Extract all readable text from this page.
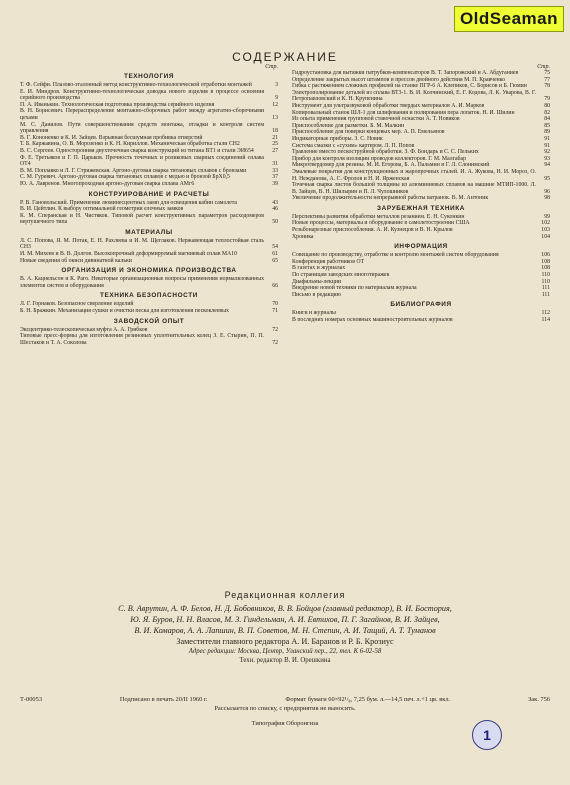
OldSeaman
СОДЕРЖАНИЕ
Стр.
ТЕХНОЛОГИЯ
Т. Ф. Сейфи. Плазово-эталонный метод конструктивно-технологической отработки монтажей	3
Е. И. Миндров. Конструктивно-технологическая доводка нового изделия в процессе освоения серийного производства	9
П. А. Иванькин. Технологическая подготовка производства серийного изделия	12
В. Н. Борисевич. Перераспределение монтажно-сборочных работ между агрегатно-сборочными цехами	13
М. С. Данилов. Пути совершенствования средств монтажа, отладки и контроля систем управления	18
В. Г. Кононенко и К. И. Зайцев. Взрывная бесшумная пробивка отверстий	21
Т. Б. Каржавина, О. В. Морозенко и К. Н. Кириллов. Механическая обработка стали СН2	25
В. С. Сергеев. Односторонняя двухточечная сварка конструкций из титана ВТ1 и стали ЭИ654	27
Ф. Е. Третьяков и Г. П. Царьков. Прочность точечных и роликовых сварных соединений сплава ОТ4	31
В. М. Поплавко и Л. Г. Стрижевская. Аргоно-дуговая сварка титановых сплавов с бронзами	33
С. М. Гуревич. Аргоно-дуговая сварка титановых сплавов с медью и бронзой БрХ0,5	37
Ю. А. Лавренов. Многопроходная аргоно-дуговая сварка сплава АМг6	39
КОНСТРУИРОВАНИЕ И РАСЧЕТЫ
Р. В. Гановольский. Применение люминесцентных ламп для освещения кабин самолета	43
В. И. Цейтлин. К выбору оптимальной геометрии елочных замков	46
К. М. Сперанская и Н. Чистяков. Типовой расчет конструктивных параметров расходомеров вертушечного типа	50
МАТЕРИАЛЫ
Л. С. Попова, Я. М. Потак, Е. Н. Рахлеева и И. М. Щеглаков. Нержавеющая теплостойкая сталь СН3	54
И. М. Михеев и В. В. Долгов. Высокопрочный деформируемый магниевый сплав МА10	61
Новые сведения об окиси дивинатной кальки	65
ОРГАНИЗАЦИЯ И ЭКОНОМИКА ПРОИЗВОДСТВА
В. А. Кацнельсон и К. Раго. Некоторые организационные вопросы применения нормализованных элементов систем и оборудования	66
ТЕХНИКА БЕЗОПАСНОСТИ
Л. Г. Горнаков. Безопасное сверление изделий	70
Б. Н. Бражкин. Механизация сушки и очистки песка для изготовления пескоклеевых	71
ЗАВОДСКОЙ ОПЫТ
Эксцентрико-телескопическая муфта А. А. Грибков	72
Типовые пресс-формы для изготовления резиновых уплотнительных колец З. Е. Стырин, П. П. Шестаков и Т. А. Соколова	72
Стр.
Гидроустановка для вытяжки патрубков-компенсаторов В. Т. Запорожский и А. Абдуганиев	75
Определение закрытых высот штампов и прессов двойного действия М. П. Кравченко	77
Гибка с растяжением сложных профилей на станке ПГР-6 А. Клепиков, С. Борисов и Б. Гюмин	78
Электрополирование деталей из сплава ВТ3-1. В. И. Колчинский, Е. Г. Кодова, Л. К. Уварова, В. Г. Петропавловский и К. Н. Крупенина	79
Инструмент для ультразвуковой обработки твердых материалов А. И. Марков	80
Копировальный станок ШЛ-1 для шлифования и полирования пера лопаток. Н. И. Шилин	82
Из опыта применения групповой ставочной оснастки А. Т. Новиков	84
Приспособление для разметки. Б. М. Малкин	85
Приспособление для поверки концевых мер. А. П. Емельянов	89
Индикаторные приборы. З. С. Новик	91
Система смазки с «сухим» картером. Л. П. Попов	91
Травление вместо пескоструйной обработки. З. Ф. Бондарь и С. С. Пельких	92
Прибор для контроля изоляции проводов коллекторов. Г. М. Малгабар	93
Микротвердомер для резины. М. И. Егорова, Б. А. Пальмин и Г. Л. Слонимский	94
Эмалевые покрытия для конструкционных и жаропрочных сталей. И. А. Жукова, Н. И. Мороз, О. Н. Нежданова, А. С. Фролов и Н. И. Ярженская	95
Точечная сварка листов большой толщины из алюминиевых сплавов на машине МТИП-1000. Л. В. Зайцев, В. Н. Шилырин и П. Л. Чулошников	96
Увеличение продолжительности непрерывной работы ватранок. В. М. Антоник	98
ЗАРУБЕЖНАЯ ТЕХНИКА
Перспективы развития обработки металлов резанием. Е. Н. Суконкин	99
Новые процессы, материалы и оборудование в самолетостроении США	102
Резьбонарезные приспособления. А. И. Кузнецов и В. Н. Крылов	103
Хроника	104
ИНФОРМАЦИЯ
Совещание по производству, отработке и контролю монтажей систем оборудования	106
Конференция работников ОТ	108
В газетах и журналах	108
По страницам заводских многотиражек	110
Диафильмы-лекции	110
Внедрение новой техники по материалам журнала	111
Письмо в редакцию	111
БИБЛИОГРАФИЯ
Книги и журналы	112
В последних номерах основных машиностроительных журналов	114
Редакционная коллегия
С. В. Аврутин, А. Ф. Белов, Н. Д. Бобовников, В. В. Бойцов (главный редактор), В. И. Бостория,
Ю. Я. Буров, Н. Н. Власов, М. З. Гиндельман, А. И. Евтихов, П. Г. Загайнов, В. И. Зайцев,
В. И. Комаров, А. А. Лапшин, В. П. Советов, М. Н. Степин, А. И. Тащий, А. Т. Туманов
Заместители главного редактора А. И. Баранов и Р. Б. Крозиус
Адрес редакции: Москва, Центр, Уланский пер., 22, тел. К 6-02-58
Техн. редактор В. И. Орешкина
Т-00053	Подписано в печать 20/II 1960 г.	Формат бумаги 60×92¹/₈, 7,25 бум. л.—14,5 печ. л.+1 цв. вкл.	Зак. 756
Рассылается по списку, с предприятия не выносить.
Типография Оборонгиза
1
